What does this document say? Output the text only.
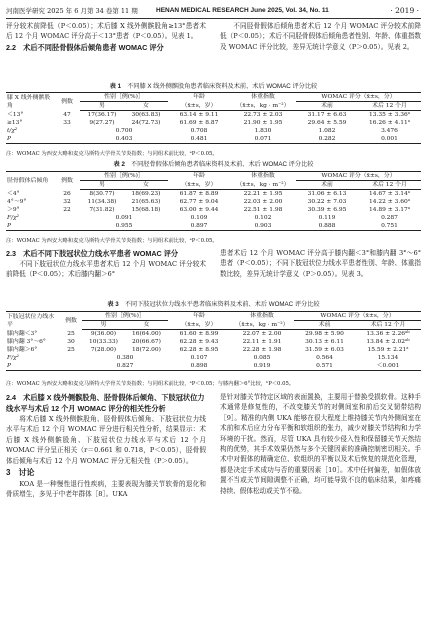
河南医学研究 2025 年 6 月第 34 卷第 11 期	HENAN MEDICAL RESEARCH June 2025, Vol. 34, No. 11	· 2019 ·
评分较术前降低（P＜0.05）；术后膝 X 线外侧髌股角≥13°患者术后 12 个月 WOMAC 评分高于＜13°患者（P＜0.05）。见表 1。
2.2　术后不同胫骨假体后倾角患者 WOMAC 评分
不同胫骨假体后倾角患者术后 12 个月 WOMAC 评分较术前降低（P＜0.05）；术后不同胫骨假体后倾角患者性别、年龄、体重指数及 WOMAC 评分比较，差异无统计学意义（P＞0.05）。见表 2。
表 1 不同膝 X 线外侧髌股角患者临床资料及术前、术后 WOMAC 评分比较
膝 X 线外侧髌股角	例数	性别［例(%)］		年龄	体重指数	WOMAC 评分（x̄±s，分）	
		男	女	（x̄±s，岁）	（x̄±s，kg · m⁻²）	术前	术后 12 个月
＜13°	47	17(36.17)	30(63.83)	63.14 ± 9.11	22.73 ± 2.03	31.17 ± 6.63	13.35 ± 3.36ᵃ
≥13°	33	9(27.27)	24(72.73)	61.69 ± 8.87	21.90 ± 1.95	29.64 ± 5.59	16.26 ± 4.11ᵃ
t/χ²		0.700		0.708	1.830	1.082	3.476
P		0.403		0.481	0.071	0.282	0.001
注：WOMAC 为西安大略和麦克马斯特大学骨关节炎指数；与同组术前比较，ᵃP＜0.05。
表 2 不同胫骨假体后倾角患者临床资料及术前、术后 WOMAC 评分比较
胫骨假体后倾角	例数	性别［例(%)］		年龄	体重指数	WOMAC 评分（x̄±s，分）	
		男	女	（x̄±s，岁）	（x̄±s，kg · m⁻²）	术前	术后 12 个月
＜4°	26	8(30.77)	18(69.23)	61.87 ± 8.89	22.21 ± 1.95	31.06 ± 6.13	14.67 ± 3.14ᵃ
4°～9°	32	11(34.38)	21(65.63)	62.77 ± 9.04	22.03 ± 2.00	30.22 ± 7.03	14.22 ± 3.60ᵃ
＞9°	22	7(31.82)	15(68.18)	63.00 ± 9.44	22.51 ± 1.98	30.39 ± 6.95	14.89 ± 3.17ᵃ
F/χ²		0.091		0.109	0.102	0.119	0.287
P		0.955		0.897	0.903	0.888	0.751
注：WOMAC 为西安大略和麦克马斯特大学骨关节炎指数；与同组术前比较，ᵃP＜0.05。
2.3　术后不同下肢冠状位力线水平患者 WOMAC 评分
不同下肢冠状位力线水平患者术后 12 个月 WOMAC 评分较术前降低（P＜0.05）；术后膝内翻＞6°
患者术后 12 个月 WOMAC 评分高于膝内翻＜3°和膝内翻 3°～6°患者（P＜0.05）；不同下肢冠状位力线水平患者性别、年龄、体重指数比较，差异无统计学意义（P＞0.05）。见表 3。
表 3 不同下肢冠状位力线水平患者临床资料及术前、术后 WOMAC 评分比较
下肢冠状位力线水平	例数	性别［例(%)］		年龄	体重指数	WOMAC 评分（x̄±s，分）	
		男	女	（x̄±s，岁）	（x̄±s，kg · m⁻²）	术前	术后 12 个月
膝内翻＜3°	25	9(36.00)	16(64.00)	61.60 ± 8.99	22.07 ± 2.00	29.98 ± 5.90	13.36 ± 2.26ᵃᵇ
膝内翻 3°～6°	30	10(33.33)	20(66.67)	62.28 ± 9.43	22.11 ± 1.91	30.13 ± 6.11	13.84 ± 2.02ᵃᵇ
膝内翻＞6°	25	7(28.00)	18(72.00)	62.28 ± 8.95	22.28 ± 1.98	31.59 ± 6.03	15.59 ± 2.21ᵃ
F/χ²		0.380		0.107	0.085	0.564	15.134
P		0.827		0.898	0.919	0.571	＜0.001
注：WOMAC 为西安大略和麦克马斯特大学骨关节炎指数；与同组术前比较，ᵃP＜0.05；与膝内翻＞6°比较，ᵇP＜0.05。
2.4　术后膝 X 线外侧髌股角、胫骨假体后倾角、下肢冠状位力线水平与术后 12 个月 WOMAC 评分的相关性分析
将术后膝 X 线外侧髌股角、胫骨假体后倾角、下肢冠状位力线水平与术后 12 个月 WOMAC 评分进行相关性分析，结果显示：术后膝 X 线外侧髌股角、下肢冠状位力线水平与术后 12 个月 WOMAC 评分呈正相关（r＝0.661 和 0.718，P＜0.05），胫骨假体后倾角与术后 12 个月 WOMAC 评分无相关性（P＞0.05）。
3　讨论
KOA 是一种慢性退行性疾病，主要表现为膝关节软骨的退化和骨质增生，多见于中老年群体［8］。UKA
是针对膝关节特定区域的表面置换，主要用于替换受损软骨。这种手术通常是修复性的，不改变膝关节的对侧间室和前后交叉韧带结构［9］。精准的内侧 UKA 能够在很大程度上维持膝关节内外侧间室在术前和术后应力分布平衡和软组织的张力，减少对膝关节结构和力学环境的干扰。然而，尽管 UKA 具有较少侵入性和保留膝关节天然结构的优势，其手术效果仍然与多个关键因素的准确控制密切相关。手术中对假体的精确定位、软组织的平衡以及术后恢复的规范化管理，都是决定手术成功与否的重要因素［10］。术中任何偏差，如假体放置不当或关节间隙调整不正确，均可能导致不良的临床结果，如疼痛持续、假体松动或关节不稳。
